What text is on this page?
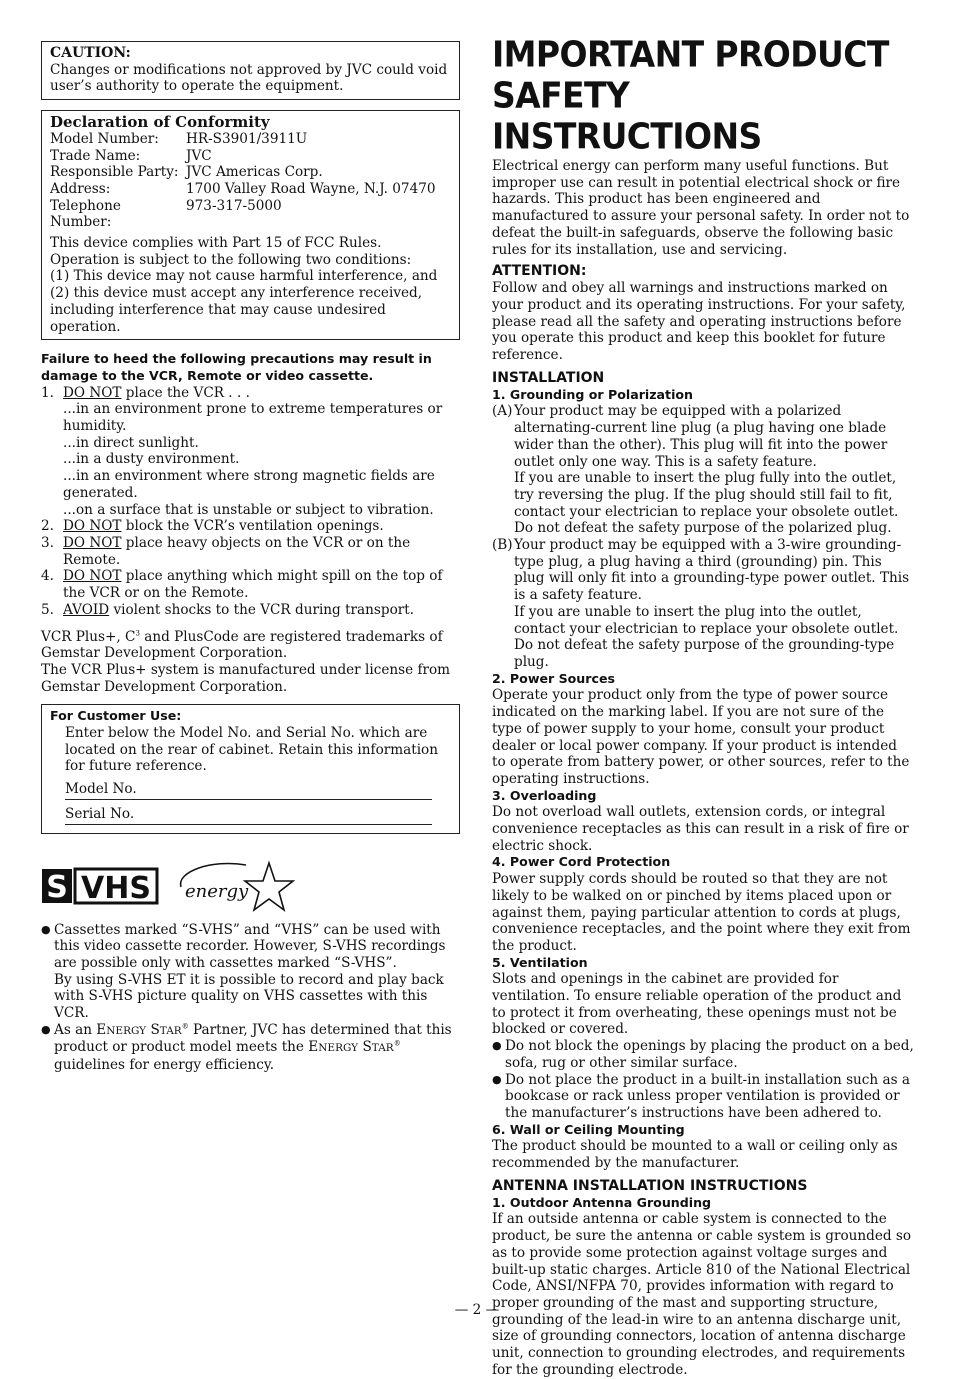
CAUTION:
Changes or modifications not approved by JVC could void user’s authority to operate the equipment.
Declaration of Conformity
Model Number:	HR-S3901/3911U
Trade Name:	JVC
Responsible Party:	JVC Americas Corp.
Address:	1700 Valley Road Wayne, N.J. 07470
Telephone Number:	973-317-5000
This device complies with Part 15 of FCC Rules.
Operation is subject to the following two conditions:
(1) This device may not cause harmful interference, and (2) this device must accept any interference received, including interference that may cause undesired operation.
Failure to heed the following precautions may result in damage to the VCR, Remote or video cassette.
1. DO NOT place the VCR . . .
...in an environment prone to extreme temperatures or humidity.
...in direct sunlight.
...in a dusty environment.
...in an environment where strong magnetic fields are generated.
...on a surface that is unstable or subject to vibration.
2. DO NOT block the VCR’s ventilation openings.
3. DO NOT place heavy objects on the VCR or on the Remote.
4. DO NOT place anything which might spill on the top of the VCR or on the Remote.
5. AVOID violent shocks to the VCR during transport.
VCR Plus+, $C^3$ and PlusCode are registered trademarks of Gemstar Development Corporation.
The VCR Plus+ system is manufactured under license from Gemstar Development Corporation.
For Customer Use:
Enter below the Model No. and Serial No. which are located on the rear of cabinet. Retain this information for future reference.
Model No.
Serial No.
S VHS energy
● Cassettes marked “S-VHS” and “VHS” can be used with this video cassette recorder. However, S-VHS recordings are possible only with cassettes marked “S-VHS”.
By using S-VHS ET it is possible to record and play back with S-VHS picture quality on VHS cassettes with this VCR.
● As an ENERGY STAR® Partner, JVC has determined that this product or product model meets the ENERGY STAR® guidelines for energy efficiency.
IMPORTANT PRODUCT SAFETY
INSTRUCTIONS
Electrical energy can perform many useful functions. But improper use can result in potential electrical shock or fire hazards. This product has been engineered and manufactured to assure your personal safety. In order not to defeat the built-in safeguards, observe the following basic rules for its installation, use and servicing.
ATTENTION:
Follow and obey all warnings and instructions marked on your product and its operating instructions. For your safety, please read all the safety and operating instructions before you operate this product and keep this booklet for future reference.
INSTALLATION
1. Grounding or Polarization
(A) Your product may be equipped with a polarized alternating-current line plug (a plug having one blade wider than the other). This plug will fit into the power outlet only one way. This is a safety feature.
If you are unable to insert the plug fully into the outlet, try reversing the plug. If the plug should still fail to fit, contact your electrician to replace your obsolete outlet. Do not defeat the safety purpose of the polarized plug.
(B) Your product may be equipped with a 3-wire grounding-type plug, a plug having a third (grounding) pin. This plug will only fit into a grounding-type power outlet. This is a safety feature.
If you are unable to insert the plug into the outlet, contact your electrician to replace your obsolete outlet. Do not defeat the safety purpose of the grounding-type plug.
2. Power Sources
Operate your product only from the type of power source indicated on the marking label. If you are not sure of the type of power supply to your home, consult your product dealer or local power company. If your product is intended to operate from battery power, or other sources, refer to the operating instructions.
3. Overloading
Do not overload wall outlets, extension cords, or integral convenience receptacles as this can result in a risk of fire or electric shock.
4. Power Cord Protection
Power supply cords should be routed so that they are not likely to be walked on or pinched by items placed upon or against them, paying particular attention to cords at plugs, convenience receptacles, and the point where they exit from the product.
5. Ventilation
Slots and openings in the cabinet are provided for ventilation. To ensure reliable operation of the product and to protect it from overheating, these openings must not be blocked or covered.
● Do not block the openings by placing the product on a bed, sofa, rug or other similar surface.
● Do not place the product in a built-in installation such as a bookcase or rack unless proper ventilation is provided or the manufacturer’s instructions have been adhered to.
6. Wall or Ceiling Mounting
The product should be mounted to a wall or ceiling only as recommended by the manufacturer.
ANTENNA INSTALLATION INSTRUCTIONS
1. Outdoor Antenna Grounding
If an outside antenna or cable system is connected to the product, be sure the antenna or cable system is grounded so as to provide some protection against voltage surges and built-up static charges. Article 810 of the National Electrical Code, ANSI/NFPA 70, provides information with regard to proper grounding of the mast and supporting structure, grounding of the lead-in wire to an antenna discharge unit, size of grounding connectors, location of antenna discharge unit, connection to grounding electrodes, and requirements for the grounding electrode.
— 2 —
